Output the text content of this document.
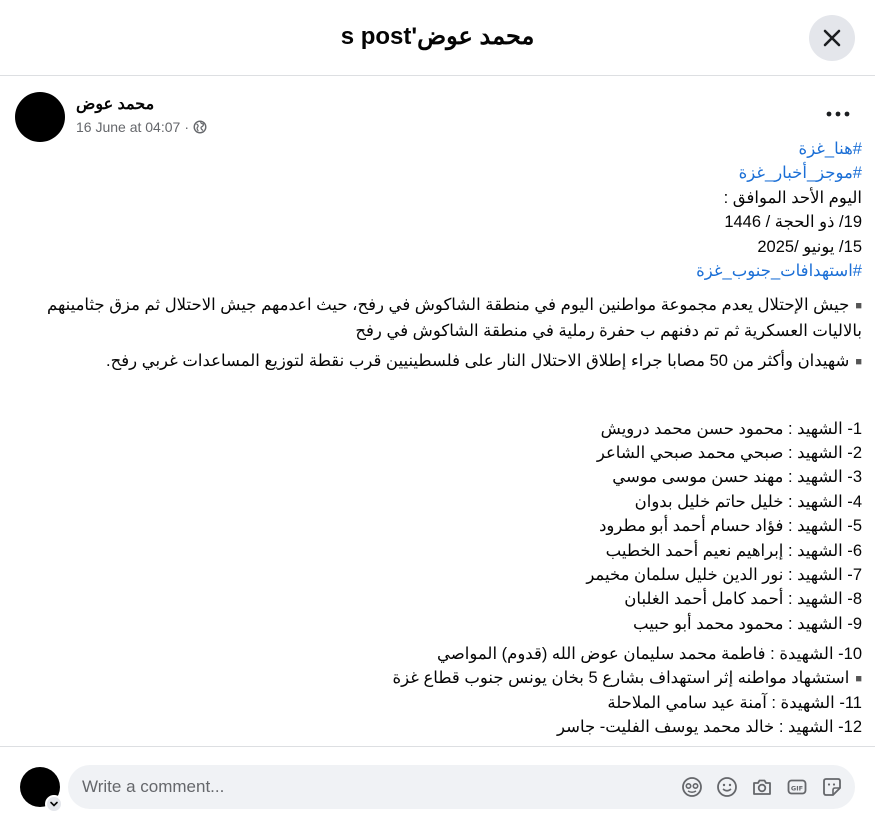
محمد عوض's post
محمد عوض
16 June at 04:07 ·
#هنا_غزة
#موجز_أخبار_غزة
اليوم الأحد الموافق :
19/ ذو الحجة / 1446
15/ يونيو /2025
#استهدافات_جنوب_غزة
■جيش الإحتلال يعدم مجموعة مواطنين اليوم في منطقة الشاكوش في رفح، حيث اعدمهم جيش الاحتلال ثم مزق جثامينهم بالاليات العسكرية ثم تم دفنهم ب حفرة رملية في منطقة الشاكوش في رفح
■شهيدان وأكثر من 50 مصابا جراء إطلاق الاحتلال النار على فلسطينيين قرب نقطة لتوزيع المساعدات غربي رفح.
1- الشهيد : محمود حسن محمد درويش
2- الشهيد : صبحي محمد صبحي الشاعر
3- الشهيد : مهند حسن موسى موسي
4- الشهيد : خليل حاتم خليل بدوان
5- الشهيد : فؤاد حسام أحمد أبو مطرود
6- الشهيد : إبراهيم نعيم أحمد الخطيب
7- الشهيد : نور الدين خليل سلمان مخيمر
8- الشهيد : أحمد كامل أحمد الغلبان
9- الشهيد : محمود محمد أبو حبيب
10- الشهيدة : فاطمة محمد سليمان عوض الله (قدوم) المواصي
■استشهاد مواطنه إثر استهداف بشارع 5 بخان يونس جنوب قطاع غزة
11- الشهيدة : آمنة عيد سامي الملاحلة
12- الشهيد : خالد محمد يوسف الفليت- جاسر
Write a comment...
GIF
